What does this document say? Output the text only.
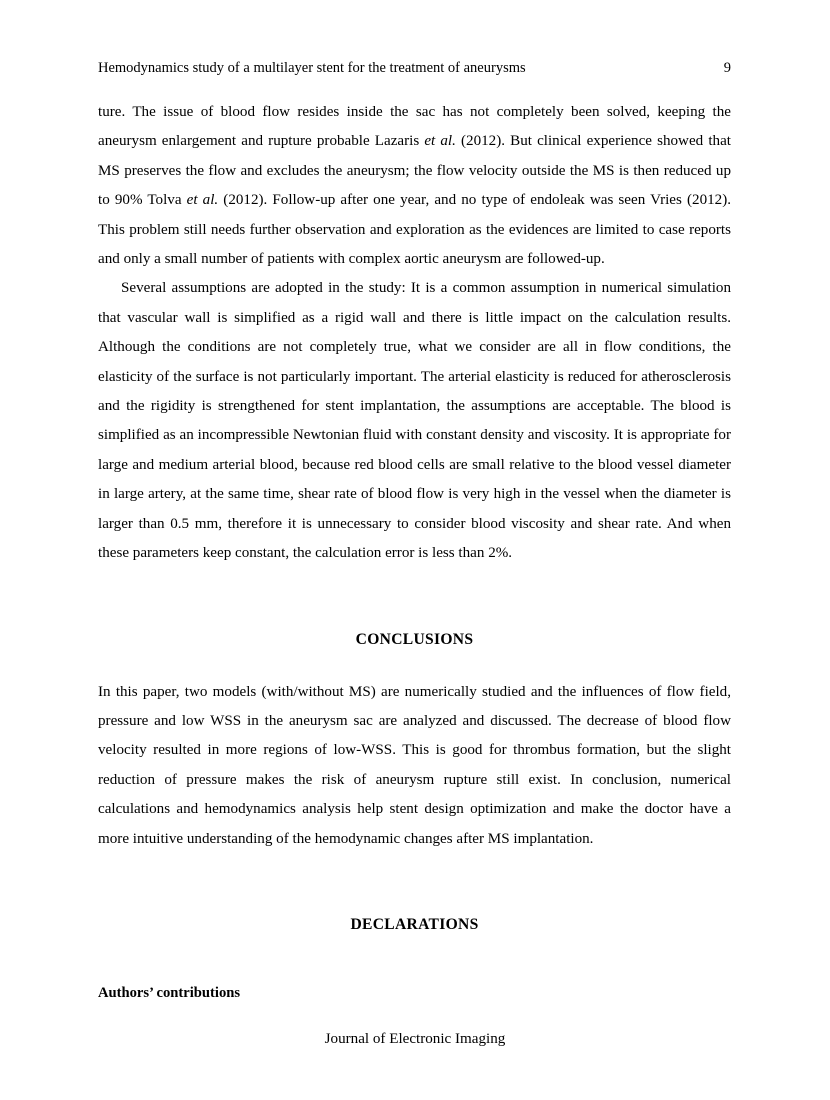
Hemodynamics study of a multilayer stent for the treatment of aneurysms	9

ture. The issue of blood flow resides inside the sac has not completely been solved, keeping the aneurysm enlargement and rupture probable Lazaris et al. (2012). But clinical experience showed that MS preserves the flow and excludes the aneurysm; the flow velocity outside the MS is then reduced up to 90% Tolva et al. (2012). Follow-up after one year, and no type of endoleak was seen Vries (2012). This problem still needs further observation and exploration as the evidences are limited to case reports and only a small number of patients with complex aortic aneurysm are followed-up.

Several assumptions are adopted in the study: It is a common assumption in numerical simulation that vascular wall is simplified as a rigid wall and there is little impact on the calculation results. Although the conditions are not completely true, what we consider are all in flow conditions, the elasticity of the surface is not particularly important. The arterial elasticity is reduced for atherosclerosis and the rigidity is strengthened for stent implantation, the assumptions are acceptable. The blood is simplified as an incompressible Newtonian fluid with constant density and viscosity. It is appropriate for large and medium arterial blood, because red blood cells are small relative to the blood vessel diameter in large artery, at the same time, shear rate of blood flow is very high in the vessel when the diameter is larger than 0.5 mm, therefore it is unnecessary to consider blood viscosity and shear rate. And when these parameters keep constant, the calculation error is less than 2%.

CONCLUSIONS

In this paper, two models (with/without MS) are numerically studied and the influences of flow field, pressure and low WSS in the aneurysm sac are analyzed and discussed. The decrease of blood flow velocity resulted in more regions of low-WSS. This is good for thrombus formation, but the slight reduction of pressure makes the risk of aneurysm rupture still exist. In conclusion, numerical calculations and hemodynamics analysis help stent design optimization and make the doctor have a more intuitive understanding of the hemodynamic changes after MS implantation.

DECLARATIONS
Authors’ contributions
Journal of Electronic Imaging
